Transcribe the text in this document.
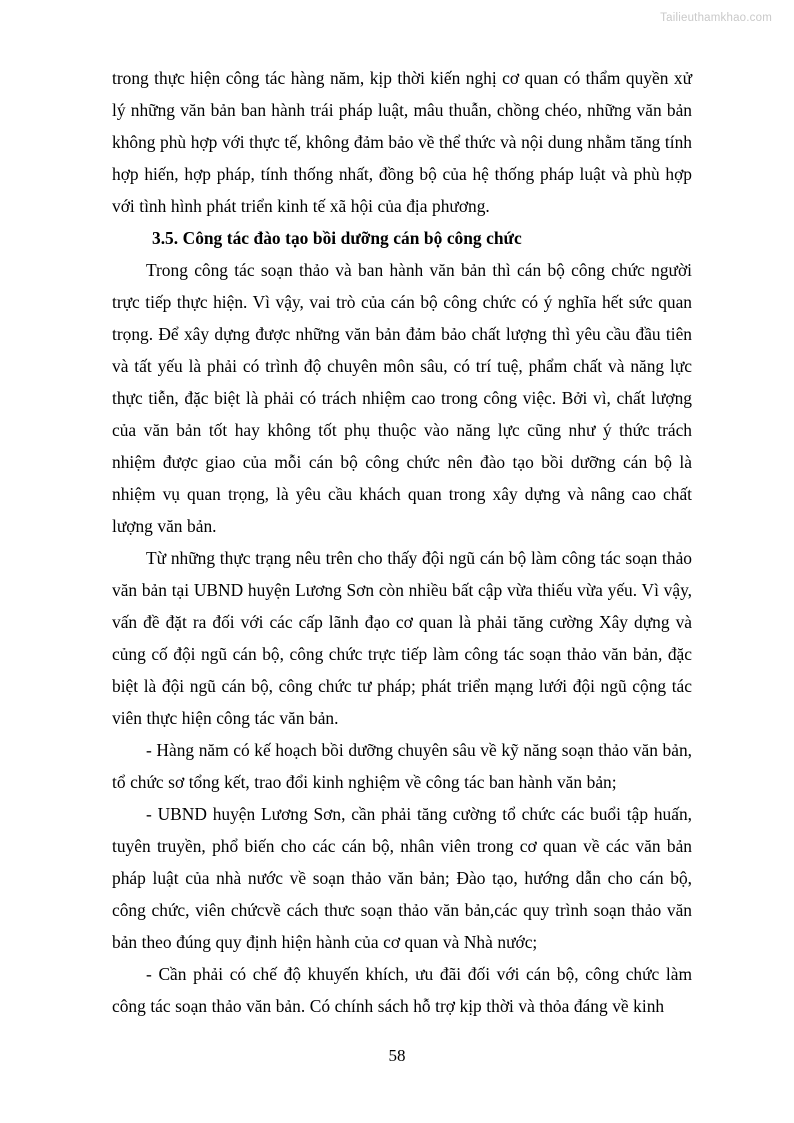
Tailieuthamkhao.com

trong thực hiện công tác hàng năm, kịp thời kiến nghị cơ quan có thẩm quyền xử lý những văn bản ban hành trái pháp luật, mâu thuẫn, chồng chéo, những văn bản không phù hợp với thực tế, không đảm bảo về thể thức và nội dung nhằm tăng tính hợp hiến, hợp pháp, tính thống nhất, đồng bộ của hệ thống pháp luật và phù hợp với tình hình phát triển kinh tế xã hội của địa phương.

3.5. Công tác đào tạo bồi dưỡng cán bộ công chức

Trong công tác soạn thảo và ban hành văn bản thì cán bộ công chức người trực tiếp thực hiện. Vì vậy, vai trò của cán bộ công chức có ý nghĩa hết sức quan trọng. Để xây dựng được những văn bản đảm bảo chất lượng thì yêu cầu đầu tiên và tất yếu là phải có trình độ chuyên môn sâu, có trí tuệ, phẩm chất và năng lực thực tiễn, đặc biệt là phải có trách nhiệm cao trong công việc. Bởi vì, chất lượng của văn bản tốt hay không tốt phụ thuộc vào năng lực cũng như ý thức trách nhiệm được giao của mỗi cán bộ công chức nên đào tạo bồi dưỡng cán bộ là nhiệm vụ quan trọng, là yêu cầu khách quan trong xây dựng và nâng cao chất lượng văn bản.

Từ những thực trạng nêu trên cho thấy đội ngũ cán bộ làm công tác soạn thảo văn bản tại UBND huyện Lương Sơn còn nhiều bất cập vừa thiếu vừa yếu. Vì vậy, vấn đề đặt ra đối với các cấp lãnh đạo cơ quan là phải tăng cường Xây dựng và củng cố đội ngũ cán bộ, công chức trực tiếp làm công tác soạn thảo văn bản, đặc biệt là đội ngũ cán bộ, công chức tư pháp; phát triển mạng lưới đội ngũ cộng tác viên thực hiện công tác văn bản.

- Hàng năm có kế hoạch bồi dưỡng chuyên sâu về kỹ năng soạn thảo văn bản, tổ chức sơ tổng kết, trao đổi kinh nghiệm về công tác ban hành văn bản;

- UBND huyện Lương Sơn, cần phải tăng cường tổ chức các buổi tập huấn, tuyên truyền, phổ biến cho các cán bộ, nhân viên trong cơ quan về các văn bản pháp luật của nhà nước về soạn thảo văn bản; Đào tạo, hướng dẫn cho cán bộ, công chức, viên chứcvề cách thưc soạn thảo văn bản,các quy trình soạn thảo văn bản theo đúng quy định hiện hành của cơ quan và Nhà nước;

- Cần phải có chế độ khuyến khích, ưu đãi đối với cán bộ, công chức làm công tác soạn thảo văn bản. Có chính sách hỗ trợ kịp thời và thỏa đáng về kinh

58
